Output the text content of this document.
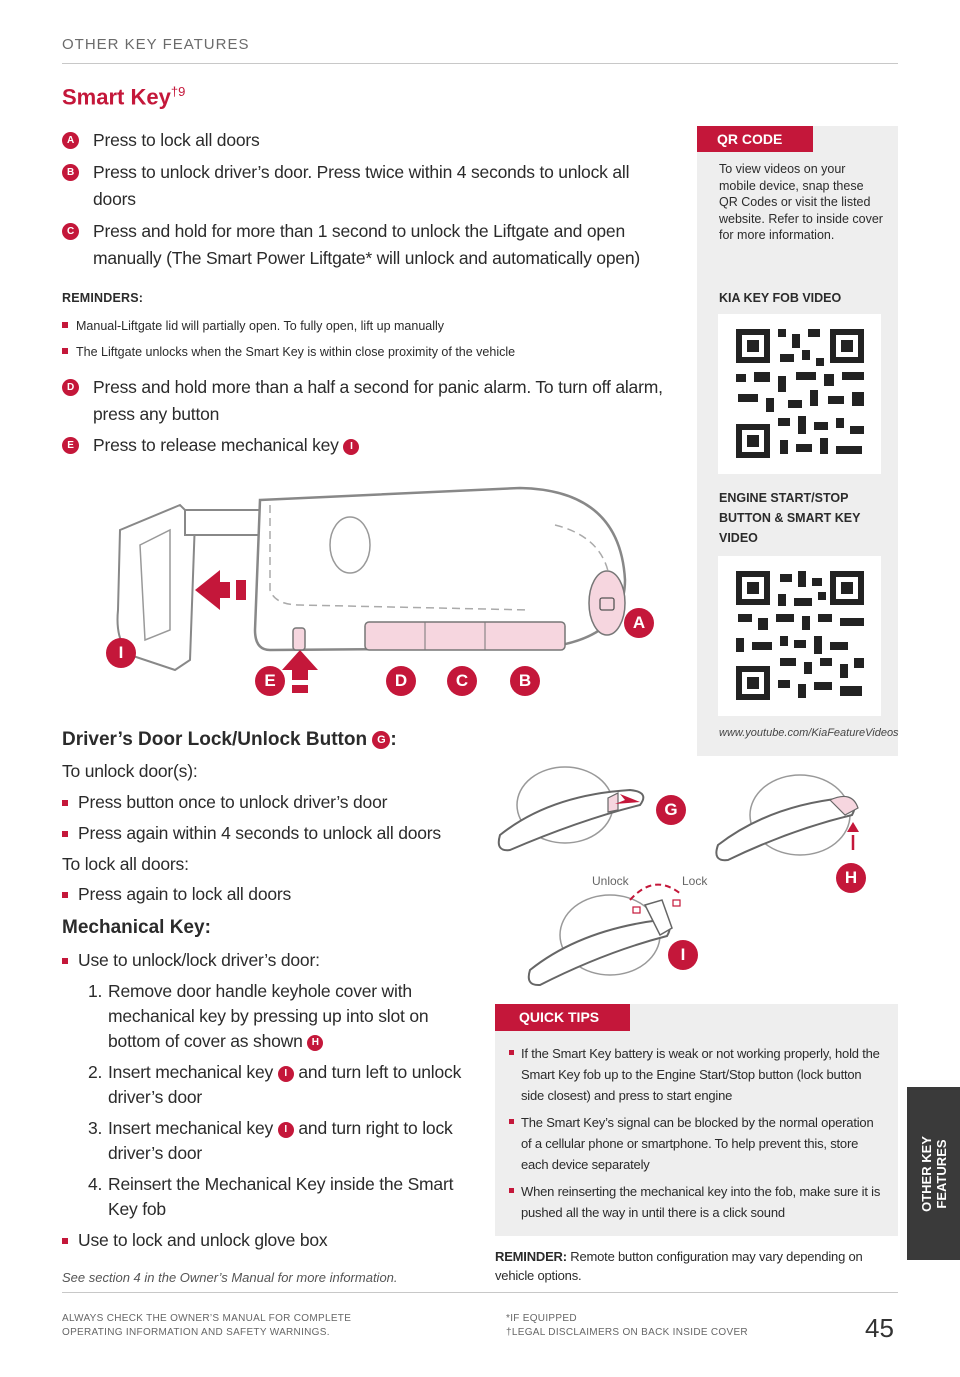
OTHER KEY FEATURES
Smart Key$^{\dagger 9}$
A Press to lock all doors
B Press to unlock driver’s door. Press twice within 4 seconds to unlock all doors
C Press and hold for more than 1 second to unlock the Liftgate and open manually (The Smart Power Liftgate* will unlock and automatically open)
REMINDERS:
Manual-Liftgate lid will partially open. To fully open, lift up manually
The Liftgate unlocks when the Smart Key is within close proximity of the vehicle
D Press and hold more than a half a second for panic alarm. To turn off alarm, press any button
E	Press to release mechanical key I
I
E	D	C	B
A
QR CODE
To view videos on your mobile device, snap these QR Codes or visit the listed website. Refer to inside cover for more information.
KIA KEY FOB VIDEO
ENGINE START/STOP BUTTON & SMART KEY VIDEO
www.youtube.com/KiaFeatureVideos
Driver’s Door Lock/Unlock Button G :
To unlock door(s):
Press button once to unlock driver’s door
Press again within 4 seconds to unlock all doors
To lock all doors:
Press again to lock all doors
Mechanical Key:
Use to unlock/lock driver’s door:
1. Remove door handle keyhole cover with mechanical key by pressing up into slot on bottom of cover as shown H
2. Insert mechanical key I and turn left to unlock driver’s door
3. Insert mechanical key I and turn right to lock driver’s door
4. Reinsert the Mechanical Key inside the Smart Key fob
Use to lock and unlock glove box
G
H
I
Unlock	Lock
QUICK TIPS
If the Smart Key battery is weak or not working properly, hold the Smart Key fob up to the Engine Start/Stop button (lock button side closest) and press to start engine
The Smart Key’s signal can be blocked by the normal operation of a cellular phone or smartphone. To help prevent this, store each device separately
When reinserting the mechanical key into the fob, make sure it is pushed all the way in until there is a click sound
REMINDER: Remote button configuration may vary depending on vehicle options.
See section 4 in the Owner’s Manual for more information.
ALWAYS CHECK THE OWNER’S MANUAL FOR COMPLETE
OPERATING INFORMATION AND SAFETY WARNINGS.
*IF EQUIPPED
†LEGAL DISCLAIMERS ON BACK INSIDE COVER	45
OTHER KEY FEATURES
